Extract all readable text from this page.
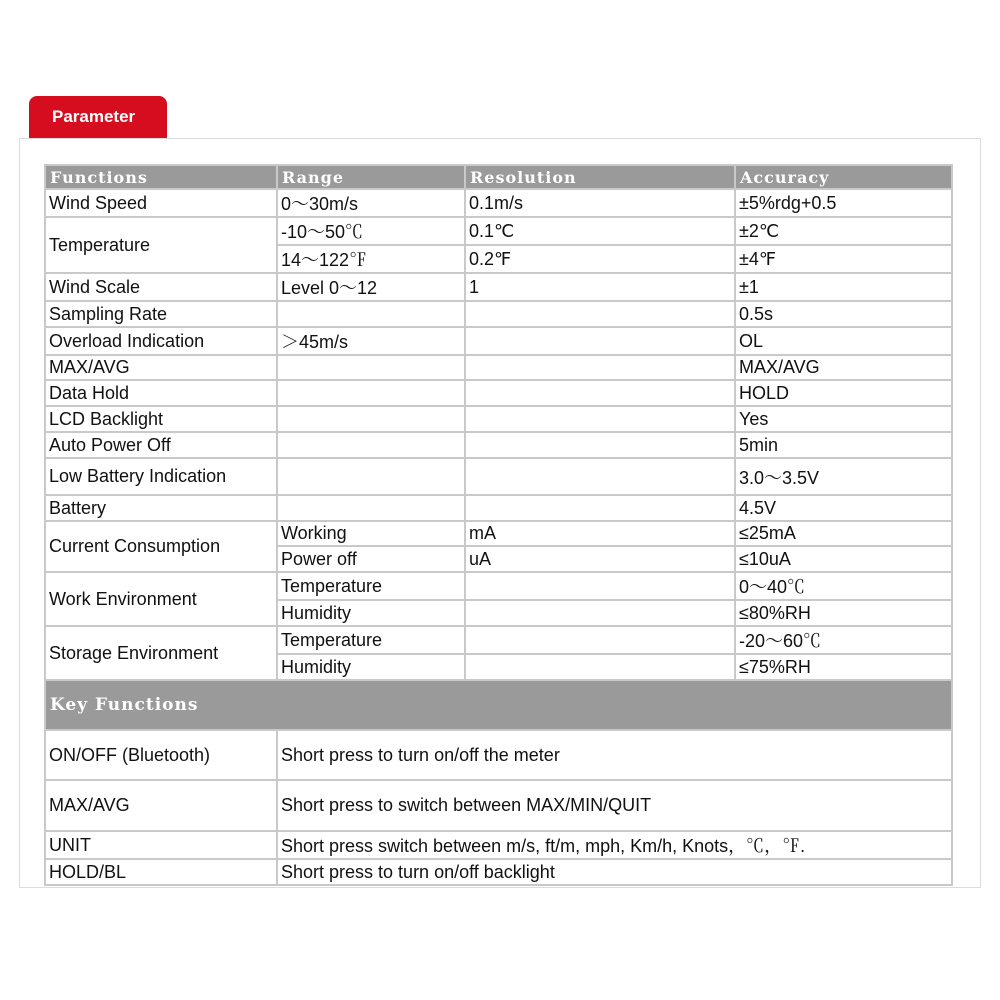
Parameter
Functions	Range	Resolution	Accuracy
Wind Speed	0～30m/s	0.1m/s	±5%rdg+0.5
Temperature	-10～50℃	0.1℃	±2℃
	14～122℉	0.2℉	±4℉
Wind Scale	Level 0～12	1	±1
Sampling Rate			0.5s
Overload Indication	＞45m/s		OL
MAX/AVG			MAX/AVG
Data Hold			HOLD
LCD Backlight			Yes
Auto Power Off			5min
Low Battery Indication			3.0～3.5V
Battery			4.5V
Current Consumption	Working	mA	≤25mA
	Power off	uA	≤10uA
Work Environment	Temperature		0～40℃
	Humidity		≤80%RH
Storage Environment	Temperature		-20～60℃
	Humidity		≤75%RH
Key Functions			
ON/OFF (Bluetooth)	Short press to turn on/off the meter		
MAX/AVG	Short press to switch between MAX/MIN/QUIT		
UNIT	Short press switch between m/s, ft/m, mph, Km/h, Knots，℃，℉.		
HOLD/BL	Short press to turn on/off backlight		
